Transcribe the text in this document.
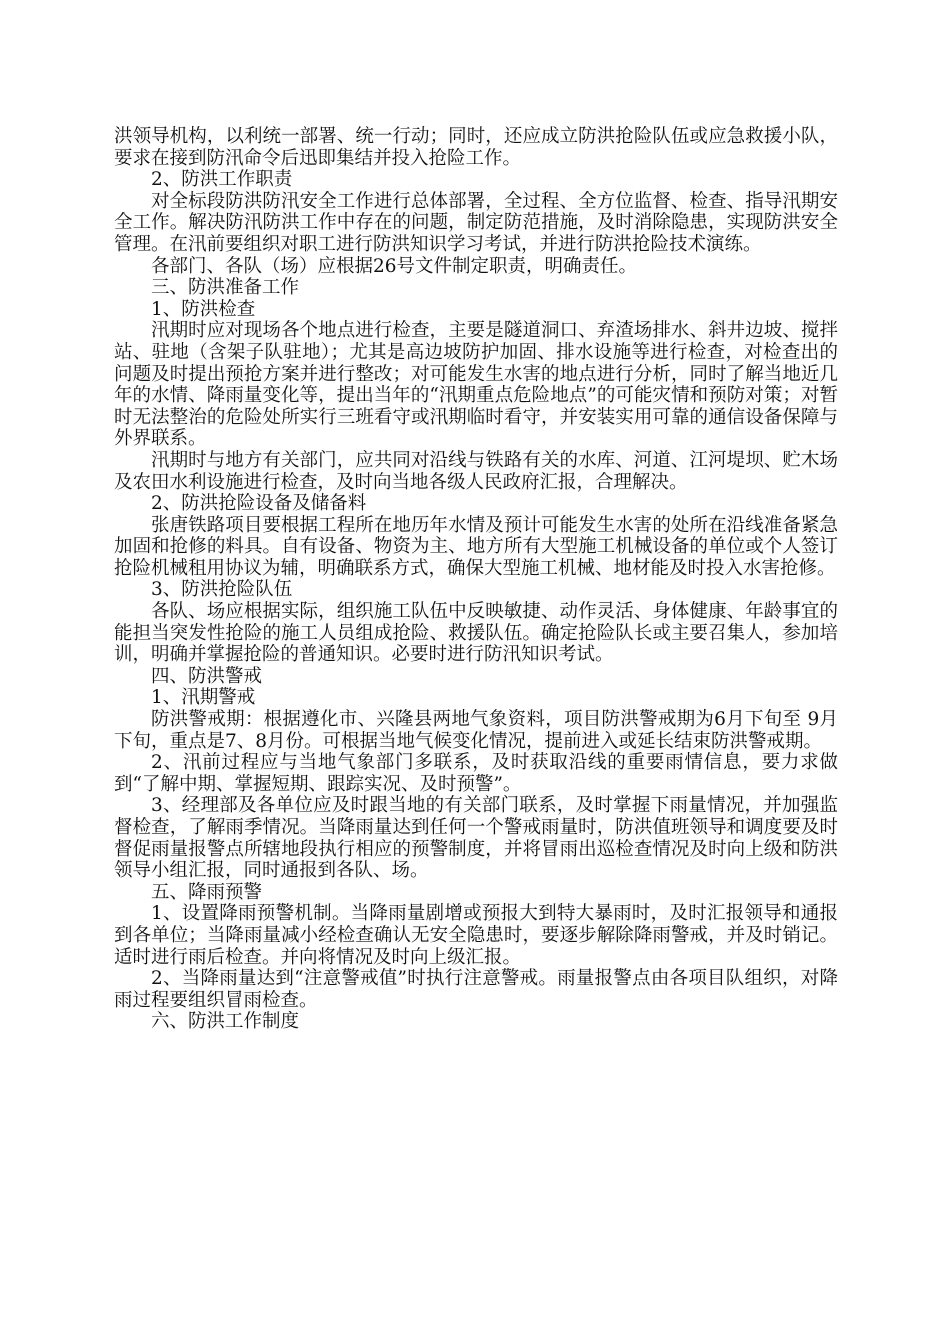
洪领导机构，以利统一部署、统一行动；同时，还应成立防洪抢险队伍或应急救援小队，要求在接到防汛命令后迅即集结并投入抢险工作。

2、防洪工作职责

对全标段防洪防汛安全工作进行总体部署，全过程、全方位监督、检查、指导汛期安全工作。解决防汛防洪工作中存在的问题，制定防范措施，及时消除隐患，实现防洪安全管理。在汛前要组织对职工进行防洪知识学习考试，并进行防洪抢险技术演练。

各部门、各队（场）应根据26号文件制定职责，明确责任。

三、防洪准备工作

1、防洪检查

汛期时应对现场各个地点进行检查，主要是隧道洞口、弃渣场排水、斜井边坡、搅拌站、驻地（含架子队驻地）；尤其是高边坡防护加固、排水设施等进行检查，对检查出的问题及时提出预抢方案并进行整改；对可能发生水害的地点进行分析，同时了解当地近几年的水情、降雨量变化等，提出当年的“汛期重点危险地点”的可能灾情和预防对策；对暂时无法整治的危险处所实行三班看守或汛期临时看守，并安装实用可靠的通信设备保障与外界联系。

汛期时与地方有关部门，应共同对沿线与铁路有关的水库、河道、江河堤坝、贮木场及农田水利设施进行检查，及时向当地各级人民政府汇报，合理解决。

2、防洪抢险设备及储备料

张唐铁路项目要根据工程所在地历年水情及预计可能发生水害的处所在沿线准备紧急加固和抢修的料具。自有设备、物资为主、地方所有大型施工机械设备的单位或个人签订抢险机械租用协议为辅，明确联系方式，确保大型施工机械、地材能及时投入水害抢修。

3、防洪抢险队伍

各队、场应根据实际，组织施工队伍中反映敏捷、动作灵活、身体健康、年龄事宜的能担当突发性抢险的施工人员组成抢险、救援队伍。确定抢险队长或主要召集人，参加培训，明确并掌握抢险的普通知识。必要时进行防汛知识考试。

四、防洪警戒

1、汛期警戒

防洪警戒期：根据遵化市、兴隆县两地气象资料，项目防洪警戒期为6月下旬至 9月下旬，重点是7、8月份。可根据当地气候变化情况，提前进入或延长结束防洪警戒期。

2、汛前过程应与当地气象部门多联系，及时获取沿线的重要雨情信息，要力求做到“了解中期、掌握短期、跟踪实况、及时预警”。

3、经理部及各单位应及时跟当地的有关部门联系，及时掌握下雨量情况，并加强监督检查，了解雨季情况。当降雨量达到任何一个警戒雨量时，防洪值班领导和调度要及时督促雨量报警点所辖地段执行相应的预警制度，并将冒雨出巡检查情况及时向上级和防洪领导小组汇报，同时通报到各队、场。

五、降雨预警

1、设置降雨预警机制。当降雨量剧增或预报大到特大暴雨时，及时汇报领导和通报到各单位；当降雨量减小经检查确认无安全隐患时，要逐步解除降雨警戒，并及时销记。适时进行雨后检查。并向将情况及时向上级汇报。

2、当降雨量达到“注意警戒值”时执行注意警戒。雨量报警点由各项目队组织，对降雨过程要组织冒雨检查。

六、防洪工作制度
